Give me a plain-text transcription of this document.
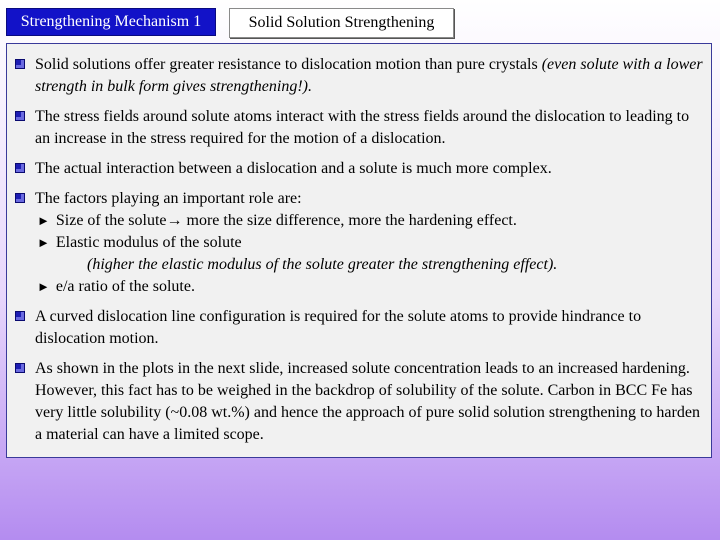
Strengthening Mechanism 1	Solid Solution Strengthening
Solid solutions offer greater resistance to dislocation motion than pure crystals (even solute with a lower strength in bulk form gives strengthening!).
The stress fields around solute atoms interact with the stress fields around the dislocation to leading to an increase in the stress required for the motion of a dislocation.
The actual interaction between a dislocation and a solute is much more complex.
The factors playing an important role are:
► Size of the solute→ more the size difference, more the hardening effect.
► Elastic modulus of the solute
(higher the elastic modulus of the solute greater the strengthening effect).
► e/a ratio of the solute.
A curved dislocation line configuration is required for the solute atoms to provide hindrance to dislocation motion.
As shown in the plots in the next slide, increased solute concentration leads to an increased hardening. However, this fact has to be weighed in the backdrop of solubility of the solute. Carbon in BCC Fe has very little solubility (~0.08 wt.%) and hence the approach of pure solid solution strengthening to harden a material can have a limited scope.
